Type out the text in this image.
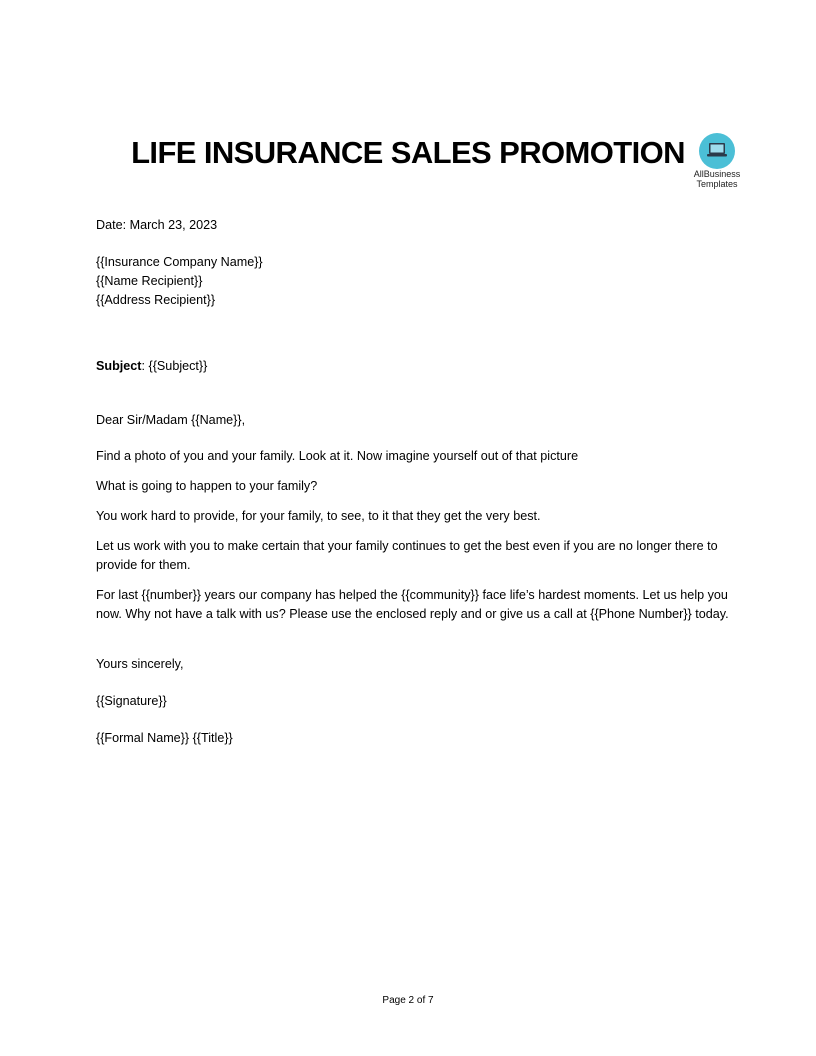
LIFE INSURANCE SALES PROMOTION
AllBusiness
Templates

Date: March 23, 2023

{{Insurance Company Name}}

{{Name Recipient}}

{{Address Recipient}}

Subject: {{Subject}}

Dear Sir/Madam {{Name}},

Find a photo of you and your family. Look at it. Now imagine yourself out of that picture

What is going to happen to your family?

You work hard to provide, for your family, to see, to it that they get the very best.

Let us work with you to make certain that your family continues to get the best even if you are no longer there to provide for them.

For last {{number}} years our company has helped the {{community}} face life’s hardest moments. Let us help you now. Why not have a talk with us? Please use the enclosed reply and or give us a call at {{Phone Number}} today.

Yours sincerely,

{{Signature}}

{{Formal Name}} {{Title}}

Page 2 of 7
